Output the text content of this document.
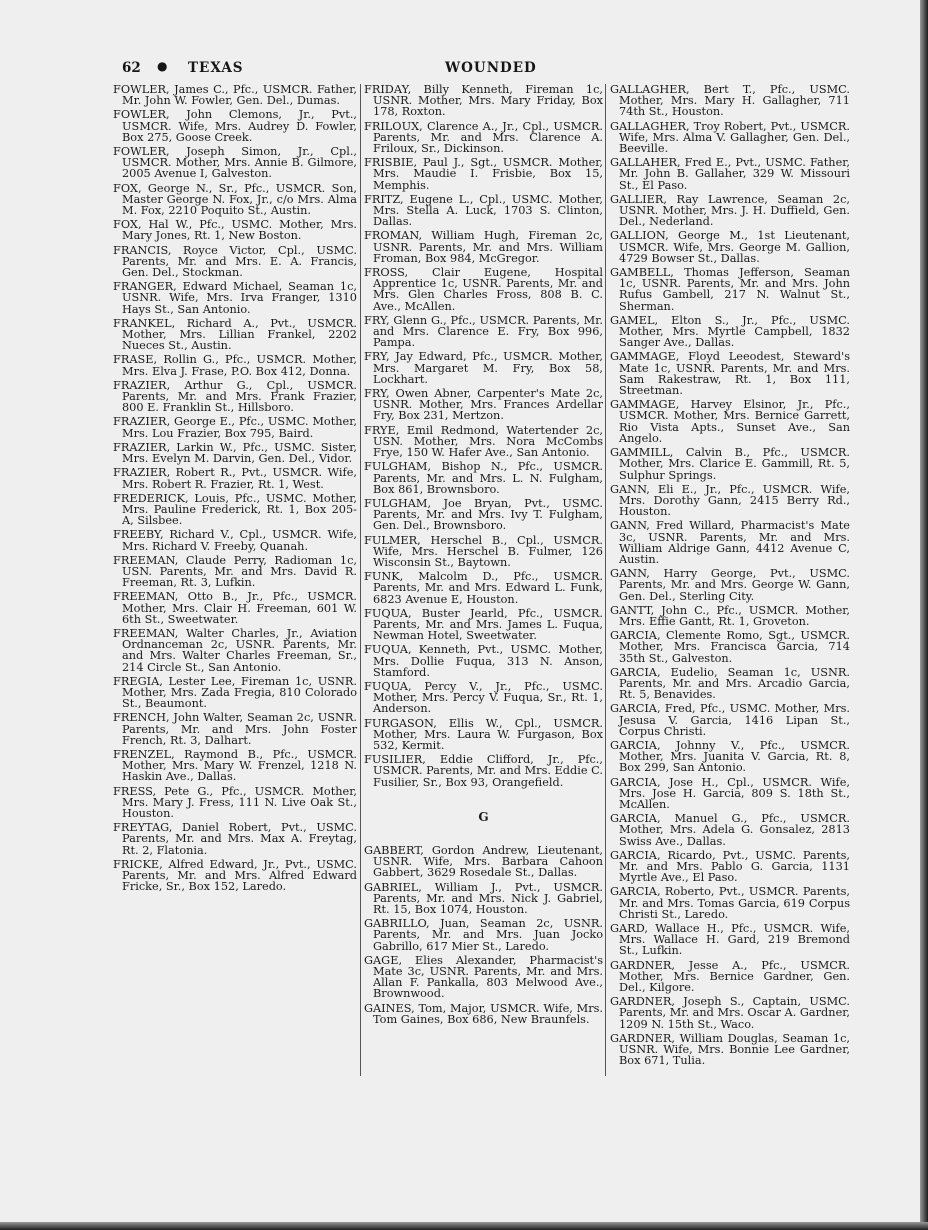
62 ● TEXAS	WOUNDED

FOWLER, James C., Pfc., USMCR. Father, Mr. John W. Fowler, Gen. Del., Dumas.

FOWLER, John Clemons, Jr., Pvt., USMCR. Wife, Mrs. Audrey D. Fowler, Box 275, Goose Creek.

FOWLER, Joseph Simon, Jr., Cpl., USMCR. Mother, Mrs. Annie B. Gilmore, 2005 Avenue I, Galveston.

FOX, George N., Sr., Pfc., USMCR. Son, Master George N. Fox, Jr., c/o Mrs. Alma M. Fox, 2210 Poquito St., Austin.

FOX, Hal W., Pfc., USMC. Mother, Mrs. Mary Jones, Rt. 1, New Boston.

FRANCIS, Royce Victor, Cpl., USMC. Parents, Mr. and Mrs. E. A. Francis, Gen. Del., Stockman.

FRANGER, Edward Michael, Seaman 1c, USNR. Wife, Mrs. Irva Franger, 1310 Hays St., San Antonio.

FRANKEL, Richard A., Pvt., USMCR. Mother, Mrs. Lillian Frankel, 2202 Nueces St., Austin.

FRASE, Rollin G., Pfc., USMCR. Mother, Mrs. Elva J. Frase, P.O. Box 412, Donna.

FRAZIER, Arthur G., Cpl., USMCR. Parents, Mr. and Mrs. Frank Frazier, 800 E. Franklin St., Hillsboro.

FRAZIER, George E., Pfc., USMC. Mother, Mrs. Lou Frazier, Box 795, Baird.

FRAZIER, Larkin W., Pfc., USMC. Sister, Mrs. Evelyn M. Darvin, Gen. Del., Vidor.

FRAZIER, Robert R., Pvt., USMCR. Wife, Mrs. Robert R. Frazier, Rt. 1, West.

FREDERICK, Louis, Pfc., USMC. Mother, Mrs. Pauline Frederick, Rt. 1, Box 205-A, Silsbee.

FREEBY, Richard V., Cpl., USMCR. Wife, Mrs. Richard V. Freeby, Quanah.

FREEMAN, Claude Perry, Radioman 1c, USN. Parents, Mr. and Mrs. David R. Freeman, Rt. 3, Lufkin.

FREEMAN, Otto B., Jr., Pfc., USMCR. Mother, Mrs. Clair H. Freeman, 601 W. 6th St., Sweetwater.

FREEMAN, Walter Charles, Jr., Aviation Ordnanceman 2c, USNR. Parents, Mr. and Mrs. Walter Charles Freeman, Sr., 214 Circle St., San Antonio.

FREGIA, Lester Lee, Fireman 1c, USNR. Mother, Mrs. Zada Fregia, 810 Colorado St., Beaumont.

FRENCH, John Walter, Seaman 2c, USNR. Parents, Mr. and Mrs. John Foster French, Rt. 3, Dalhart.

FRENZEL, Raymond B., Pfc., USMCR. Mother, Mrs. Mary W. Frenzel, 1218 N. Haskin Ave., Dallas.

FRESS, Pete G., Pfc., USMCR. Mother, Mrs. Mary J. Fress, 111 N. Live Oak St., Houston.

FREYTAG, Daniel Robert, Pvt., USMC. Parents, Mr. and Mrs. Max A. Freytag, Rt. 2, Flatonia.

FRICKE, Alfred Edward, Jr., Pvt., USMC. Parents, Mr. and Mrs. Alfred Edward Fricke, Sr., Box 152, Laredo.

FRIDAY, Billy Kenneth, Fireman 1c, USNR. Mother, Mrs. Mary Friday, Box 178, Roxton.

FRILOUX, Clarence A., Jr., Cpl., USMCR. Parents, Mr. and Mrs. Clarence A. Friloux, Sr., Dickinson.

FRISBIE, Paul J., Sgt., USMCR. Mother, Mrs. Maudie I. Frisbie, Box 15, Memphis.

FRITZ, Eugene L., Cpl., USMC. Mother, Mrs. Stella A. Luck, 1703 S. Clinton, Dallas.

FROMAN, William Hugh, Fireman 2c, USNR. Parents, Mr. and Mrs. William Froman, Box 984, McGregor.

FROSS, Clair Eugene, Hospital Apprentice 1c, USNR. Parents, Mr. and Mrs. Glen Charles Fross, 808 B. C. Ave., McAllen.

FRY, Glenn G., Pfc., USMCR. Parents, Mr. and Mrs. Clarence E. Fry, Box 996, Pampa.

FRY, Jay Edward, Pfc., USMCR. Mother, Mrs. Margaret M. Fry, Box 58, Lockhart.

FRY, Owen Abner, Carpenter's Mate 2c, USNR. Mother, Mrs. Frances Ardellar Fry, Box 231, Mertzon.

FRYE, Emil Redmond, Watertender 2c, USN. Mother, Mrs. Nora McCombs Frye, 150 W. Hafer Ave., San Antonio.

FULGHAM, Bishop N., Pfc., USMCR. Parents, Mr. and Mrs. L. N. Fulgham, Box 861, Brownsboro.

FULGHAM, Joe Bryan, Pvt., USMC. Parents, Mr. and Mrs. Ivy T. Fulgham, Gen. Del., Brownsboro.

FULMER, Herschel B., Cpl., USMCR. Wife, Mrs. Herschel B. Fulmer, 126 Wisconsin St., Baytown.

FUNK, Malcolm D., Pfc., USMCR. Parents, Mr. and Mrs. Edward L. Funk, 6823 Avenue E, Houston.

FUQUA, Buster Jearld, Pfc., USMCR. Parents, Mr. and Mrs. James L. Fuqua, Newman Hotel, Sweetwater.

FUQUA, Kenneth, Pvt., USMC. Mother, Mrs. Dollie Fuqua, 313 N. Anson, Stamford.

FUQUA, Percy V., Jr., Pfc., USMC. Mother, Mrs. Percy V. Fuqua, Sr., Rt. 1, Anderson.

FURGASON, Ellis W., Cpl., USMCR. Mother, Mrs. Laura W. Furgason, Box 532, Kermit.

FUSILIER, Eddie Clifford, Jr., Pfc., USMCR. Parents, Mr. and Mrs. Eddie C. Fusilier, Sr., Box 93, Orangefield.

G

GABBERT, Gordon Andrew, Lieutenant, USNR. Wife, Mrs. Barbara Cahoon Gabbert, 3629 Rosedale St., Dallas.

GABRIEL, William J., Pvt., USMCR. Parents, Mr. and Mrs. Nick J. Gabriel, Rt. 15, Box 1074, Houston.

GABRILLO, Juan, Seaman 2c, USNR. Parents, Mr. and Mrs. Juan Jocko Gabrillo, 617 Mier St., Laredo.

GAGE, Elies Alexander, Pharmacist's Mate 3c, USNR. Parents, Mr. and Mrs. Allan F. Pankalla, 803 Melwood Ave., Brownwood.

GAINES, Tom, Major, USMCR. Wife, Mrs. Tom Gaines, Box 686, New Braunfels.

GALLAGHER, Bert T., Pfc., USMC. Mother, Mrs. Mary H. Gallagher, 711 74th St., Houston.

GALLAGHER, Troy Robert, Pvt., USMCR. Wife, Mrs. Alma V. Gallagher, Gen. Del., Beeville.

GALLAHER, Fred E., Pvt., USMC. Father, Mr. John B. Gallaher, 329 W. Missouri St., El Paso.

GALLIER, Ray Lawrence, Seaman 2c, USNR. Mother, Mrs. J. H. Duffield, Gen. Del., Nederland.

GALLION, George M., 1st Lieutenant, USMCR. Wife, Mrs. George M. Gallion, 4729 Bowser St., Dallas.

GAMBELL, Thomas Jefferson, Seaman 1c, USNR. Parents, Mr. and Mrs. John Rufus Gambell, 217 N. Walnut St., Sherman.

GAMEL, Elton S., Jr., Pfc., USMC. Mother, Mrs. Myrtle Campbell, 1832 Sanger Ave., Dallas.

GAMMAGE, Floyd Leeodest, Steward's Mate 1c, USNR. Parents, Mr. and Mrs. Sam Rakestraw, Rt. 1, Box 111, Streetman.

GAMMAGE, Harvey Elsinor, Jr., Pfc., USMCR. Mother, Mrs. Bernice Garrett, Rio Vista Apts., Sunset Ave., San Angelo.

GAMMILL, Calvin B., Pfc., USMCR. Mother, Mrs. Clarice E. Gammill, Rt. 5, Sulphur Springs.

GANN, Eli E., Jr., Pfc., USMCR. Wife, Mrs. Dorothy Gann, 2415 Berry Rd., Houston.

GANN, Fred Willard, Pharmacist's Mate 3c, USNR. Parents, Mr. and Mrs. William Aldrige Gann, 4412 Avenue C, Austin.

GANN, Harry George, Pvt., USMC. Parents, Mr. and Mrs. George W. Gann, Gen. Del., Sterling City.

GANTT, John C., Pfc., USMCR. Mother, Mrs. Effie Gantt, Rt. 1, Groveton.

GARCIA, Clemente Romo, Sgt., USMCR. Mother, Mrs. Francisca Garcia, 714 35th St., Galveston.

GARCIA, Eudelio, Seaman 1c, USNR. Parents, Mr. and Mrs. Arcadio Garcia, Rt. 5, Benavides.

GARCIA, Fred, Pfc., USMC. Mother, Mrs. Jesusa V. Garcia, 1416 Lipan St., Corpus Christi.

GARCIA, Johnny V., Pfc., USMCR. Mother, Mrs. Juanita V. Garcia, Rt. 8, Box 299, San Antonio.

GARCIA, Jose H., Cpl., USMCR. Wife, Mrs. Jose H. Garcia, 809 S. 18th St., McAllen.

GARCIA, Manuel G., Pfc., USMCR. Mother, Mrs. Adela G. Gonsalez, 2813 Swiss Ave., Dallas.

GARCIA, Ricardo, Pvt., USMC. Parents, Mr. and Mrs. Pablo G. Garcia, 1131 Myrtle Ave., El Paso.

GARCIA, Roberto, Pvt., USMCR. Parents, Mr. and Mrs. Tomas Garcia, 619 Corpus Christi St., Laredo.

GARD, Wallace H., Pfc., USMCR. Wife, Mrs. Wallace H. Gard, 219 Bremond St., Lufkin.

GARDNER, Jesse A., Pfc., USMCR. Mother, Mrs. Bernice Gardner, Gen. Del., Kilgore.

GARDNER, Joseph S., Captain, USMC. Parents, Mr. and Mrs. Oscar A. Gardner, 1209 N. 15th St., Waco.

GARDNER, William Douglas, Seaman 1c, USNR. Wife, Mrs. Bonnie Lee Gardner, Box 671, Tulia.
